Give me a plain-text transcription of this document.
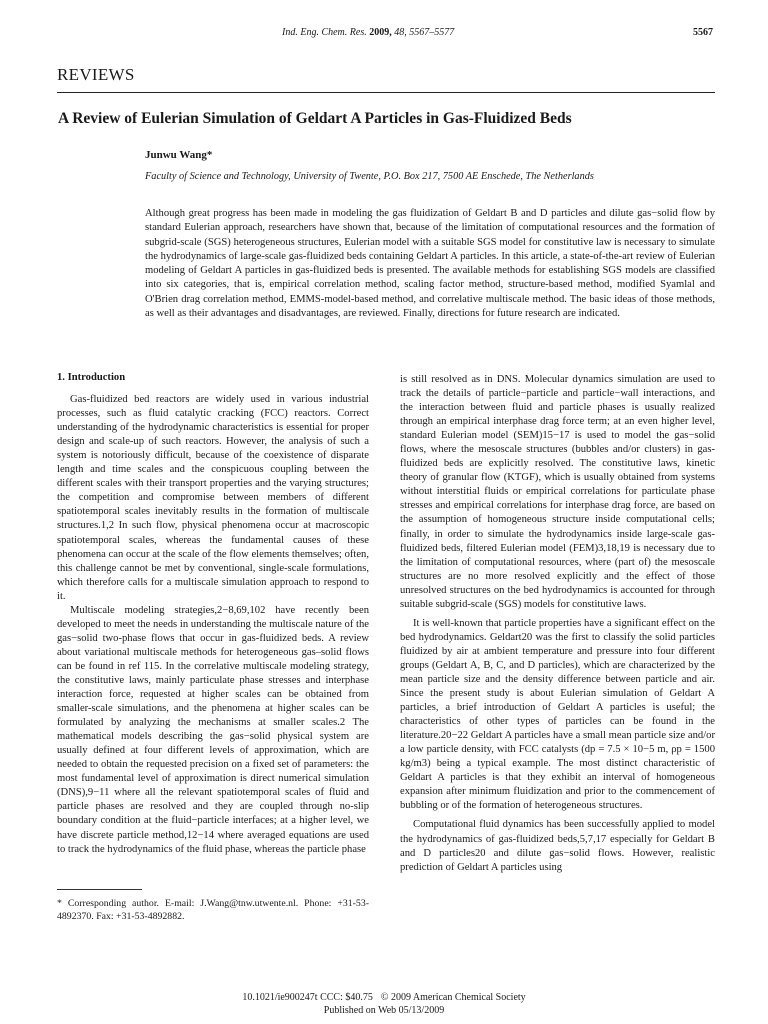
Ind. Eng. Chem. Res. 2009, 48, 5567–5577	5567
REVIEWS
A Review of Eulerian Simulation of Geldart A Particles in Gas-Fluidized Beds
Junwu Wang*
Faculty of Science and Technology, University of Twente, P.O. Box 217, 7500 AE Enschede, The Netherlands

Although great progress has been made in modeling the gas fluidization of Geldart B and D particles and dilute gas−solid flow by standard Eulerian approach, researchers have shown that, because of the limitation of computational resources and the formation of subgrid-scale (SGS) heterogeneous structures, Eulerian model with a suitable SGS model for constitutive law is necessary to simulate the hydrodynamics of large-scale gas-fluidized beds containing Geldart A particles. In this article, a state-of-the-art review of Eulerian modeling of Geldart A particles in gas-fluidized beds is presented. The available methods for establishing SGS models are classified into six categories, that is, empirical correlation method, scaling factor method, structure-based method, modified Syamlal and O'Brien drag correlation method, EMMS-model-based method, and correlative multiscale method. The basic ideas of those methods, as well as their advantages and disadvantages, are reviewed. Finally, directions for future research are indicated.

1. Introduction

Gas-fluidized bed reactors are widely used in various industrial processes, such as fluid catalytic cracking (FCC) reactors. Correct understanding of the hydrodynamic characteristics is essential for proper design and scale-up of such reactors. However, the analysis of such a system is notoriously difficult, because of the coexistence of disparate length and time scales and the conspicuous coupling between the different scales with their transport properties and the varying structures; the competition and compromise between members of different spatiotemporal scales inevitably results in the formation of multiscale structures.1,2 In such flow, physical phenomena occur at macroscopic spatiotemporal scales, whereas the fundamental causes of these phenomena can occur at the scale of the flow elements themselves; often, this challenge cannot be met by conventional, single-scale formulations, which therefore calls for a multiscale simulation approach to respond to it.

Multiscale modeling strategies,2−8,69,102 have recently been developed to meet the needs in understanding the multiscale nature of the gas−solid two-phase flows that occur in gas-fluidized beds. A review about variational multiscale methods for heterogeneous gas–solid flows can be found in ref 115. In the correlative multiscale modeling strategy, the constitutive laws, mainly particulate phase stresses and interphase interaction force, requested at higher scales can be obtained from smaller-scale simulations, and the phenomena at higher scales can be formulated by analyzing the mechanisms at smaller scales.2 The mathematical models describing the gas−solid physical system are usually defined at four different levels of approximation, which are needed to obtain the requested precision on a fixed set of parameters: the most fundamental level of approximation is direct numerical simulation (DNS),9−11 where all the relevant spatiotemporal scales of fluid and particle phases are resolved and they are coupled through no-slip boundary condition at the fluid−particle interfaces; at a higher level, we have discrete particle method,12−14 where averaged equations are used to track the hydrodynamics of the fluid phase, whereas the particle phase

is still resolved as in DNS. Molecular dynamics simulation are used to track the details of particle−particle and particle−wall interactions, and the interaction between fluid and particle phases is usually realized through an empirical interphase drag force term; at an even higher level, standard Eulerian model (SEM)15−17 is used to model the gas−solid flows, where the mesoscale structures (bubbles and/or clusters) in gas-fluidized beds are explicitly resolved. The constitutive laws, kinetic theory of granular flow (KTGF), which is usually obtained from systems without interstitial fluids or empirical correlations for particulate phase stresses and empirical correlations for interphase drag force, are based on the assumption of homogeneous structure inside computational cells; finally, in order to simulate the hydrodynamics inside large-scale gas-fluidized beds, filtered Eulerian model (FEM)3,18,19 is necessary due to the limitation of computational resources, where (part of) the mesoscale structures are no more resolved explicitly and the effect of those unresolved structures on the bed hydrodynamics is accounted for through suitable subgrid-scale (SGS) models for constitutive laws.

It is well-known that particle properties have a significant effect on the bed hydrodynamics. Geldart20 was the first to classify the solid particles fluidized by air at ambient temperature and pressure into four different groups (Geldart A, B, C, and D particles), which are characterized by the mean particle size and the density difference between particle and air. Since the present study is about Eulerian simulation of Geldart A particles, a brief introduction of Geldart A particles is useful; the characteristics of other types of particles can be found in the literature.20−22 Geldart A particles have a small mean particle size and/or a low particle density, with FCC catalysts (dp = 7.5 × 10−5 m, ρp = 1500 kg/m3) being a typical example. The most distinct characteristic of Geldart A particles is that they exhibit an interval of homogeneous expansion after minimum fluidization and prior to the commencement of bubbling or of the formation of heterogeneous structures.

Computational fluid dynamics has been successfully applied to model the hydrodynamics of gas-fluidized beds,5,7,17 especially for Geldart B and D particles20 and dilute gas−solid flows. However, realistic prediction of Geldart A particles using

* Corresponding author. E-mail: J.Wang@tnw.utwente.nl. Phone: +31-53-4892370. Fax: +31-53-4892882.
10.1021/ie900247t CCC: $40.75 © 2009 American Chemical Society
Published on Web 05/13/2009
